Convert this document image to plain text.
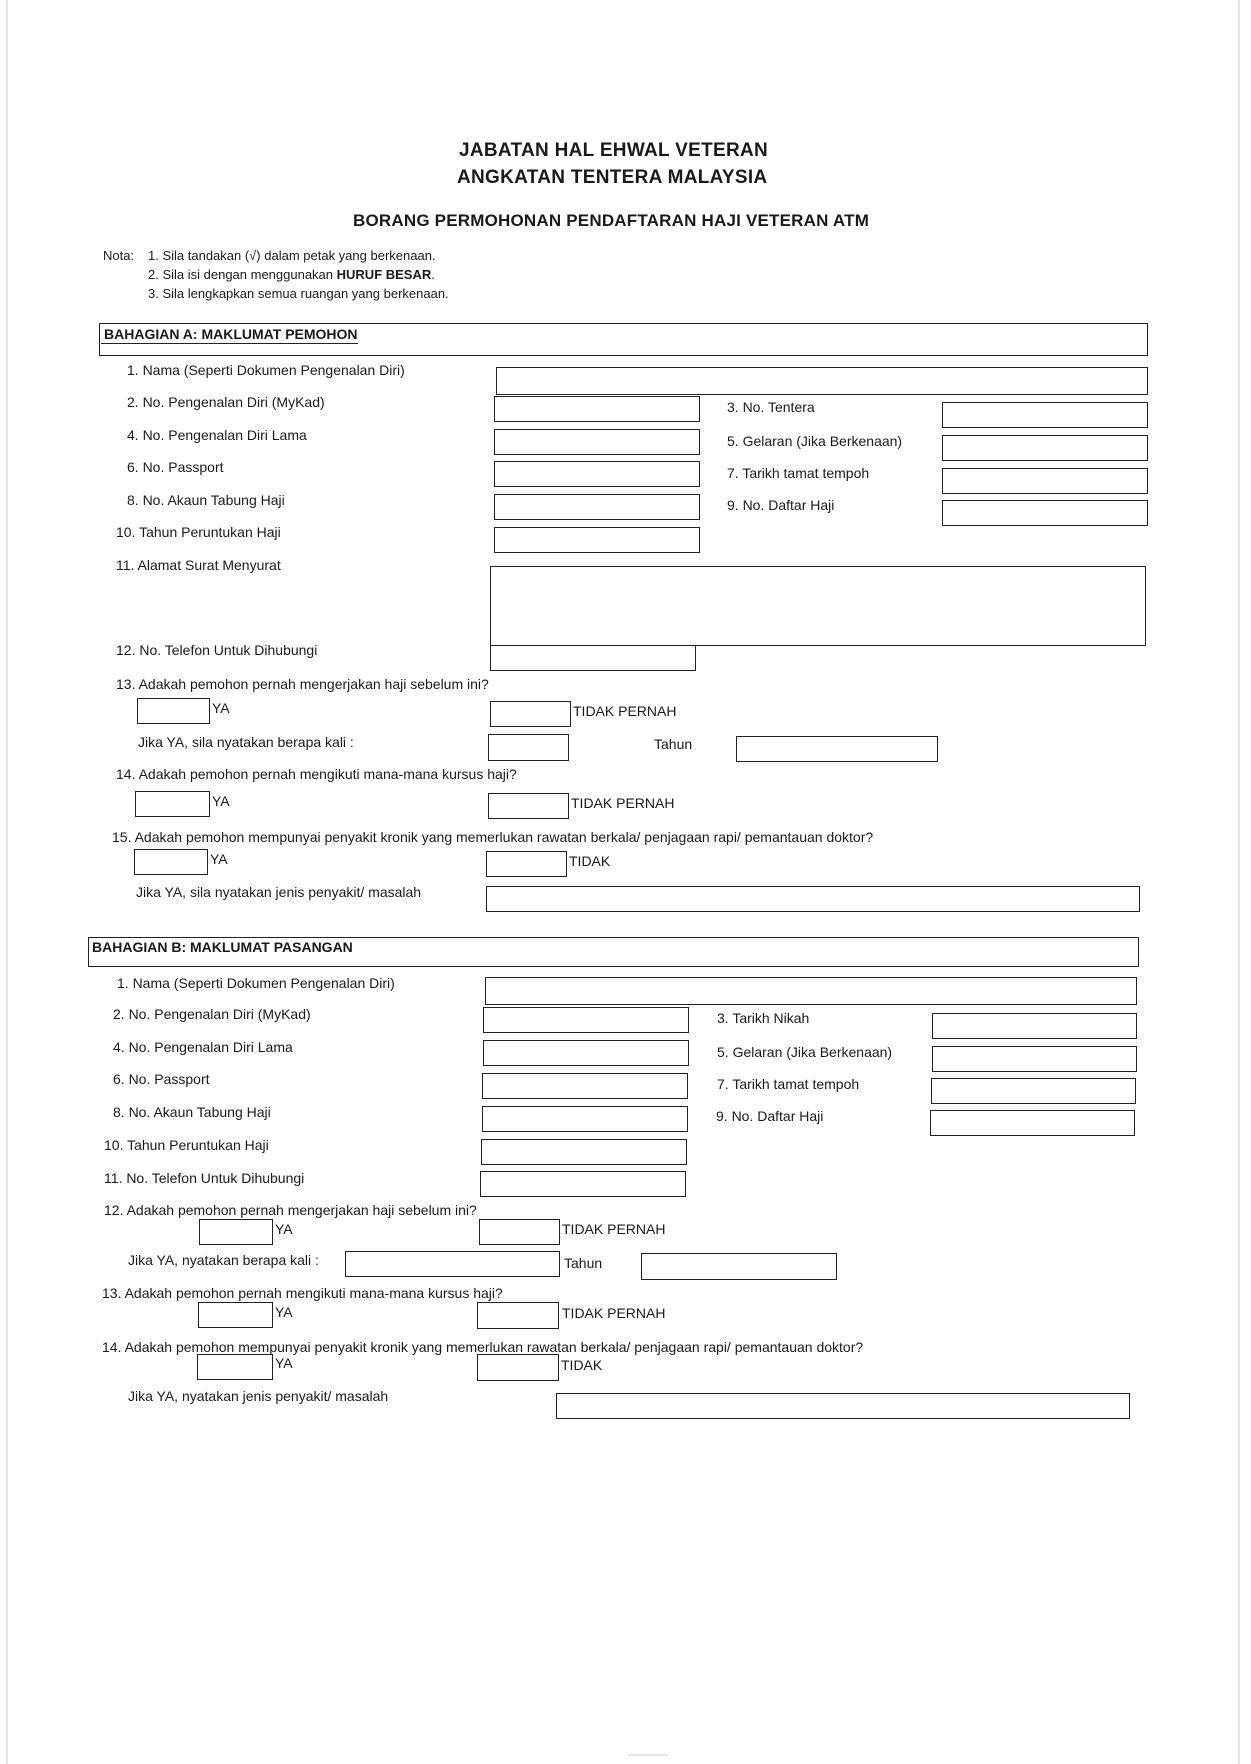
JABATAN HAL EHWAL VETERAN
ANGKATAN TENTERA MALAYSIA
BORANG PERMOHONAN PENDAFTARAN HAJI VETERAN ATM
Nota: 1. Sila tandakan (√) dalam petak yang berkenaan.
2. Sila isi dengan menggunakan HURUF BESAR.
3. Sila lengkapkan semua ruangan yang berkenaan.
BAHAGIAN A: MAKLUMAT PEMOHON
1. Nama (Seperti Dokumen Pengenalan Diri)
2. No. Pengenalan Diri (MyKad)	3. No. Tentera
4. No. Pengenalan Diri Lama	5. Gelaran (Jika Berkenaan)
6. No. Passport	7. Tarikh tamat tempoh
8. No. Akaun Tabung Haji	9. No. Daftar Haji
10. Tahun Peruntukan Haji
11. Alamat Surat Menyurat
12. No. Telefon Untuk Dihubungi
13. Adakah pemohon pernah mengerjakan haji sebelum ini?
YA	TIDAK PERNAH
Jika YA, sila nyatakan berapa kali :	Tahun
14. Adakah pemohon pernah mengikuti mana-mana kursus haji?
YA	TIDAK PERNAH
15. Adakah pemohon mempunyai penyakit kronik yang memerlukan rawatan berkala/ penjagaan rapi/ pemantauan doktor?
YA	TIDAK
Jika YA, sila nyatakan jenis penyakit/ masalah
BAHAGIAN B: MAKLUMAT PASANGAN
1. Nama (Seperti Dokumen Pengenalan Diri)
2. No. Pengenalan Diri (MyKad)	3. Tarikh Nikah
4. No. Pengenalan Diri Lama	5. Gelaran (Jika Berkenaan)
6. No. Passport	7. Tarikh tamat tempoh
8. No. Akaun Tabung Haji	9. No. Daftar Haji
10. Tahun Peruntukan Haji
11. No. Telefon Untuk Dihubungi
12. Adakah pemohon pernah mengerjakan haji sebelum ini?
YA	TIDAK PERNAH
Jika YA, nyatakan berapa kali :	Tahun
13. Adakah pemohon pernah mengikuti mana-mana kursus haji?
YA	TIDAK PERNAH
14. Adakah pemohon mempunyai penyakit kronik yang memerlukan rawatan berkala/ penjagaan rapi/ pemantauan doktor?
YA	TIDAK
Jika YA, nyatakan jenis penyakit/ masalah
